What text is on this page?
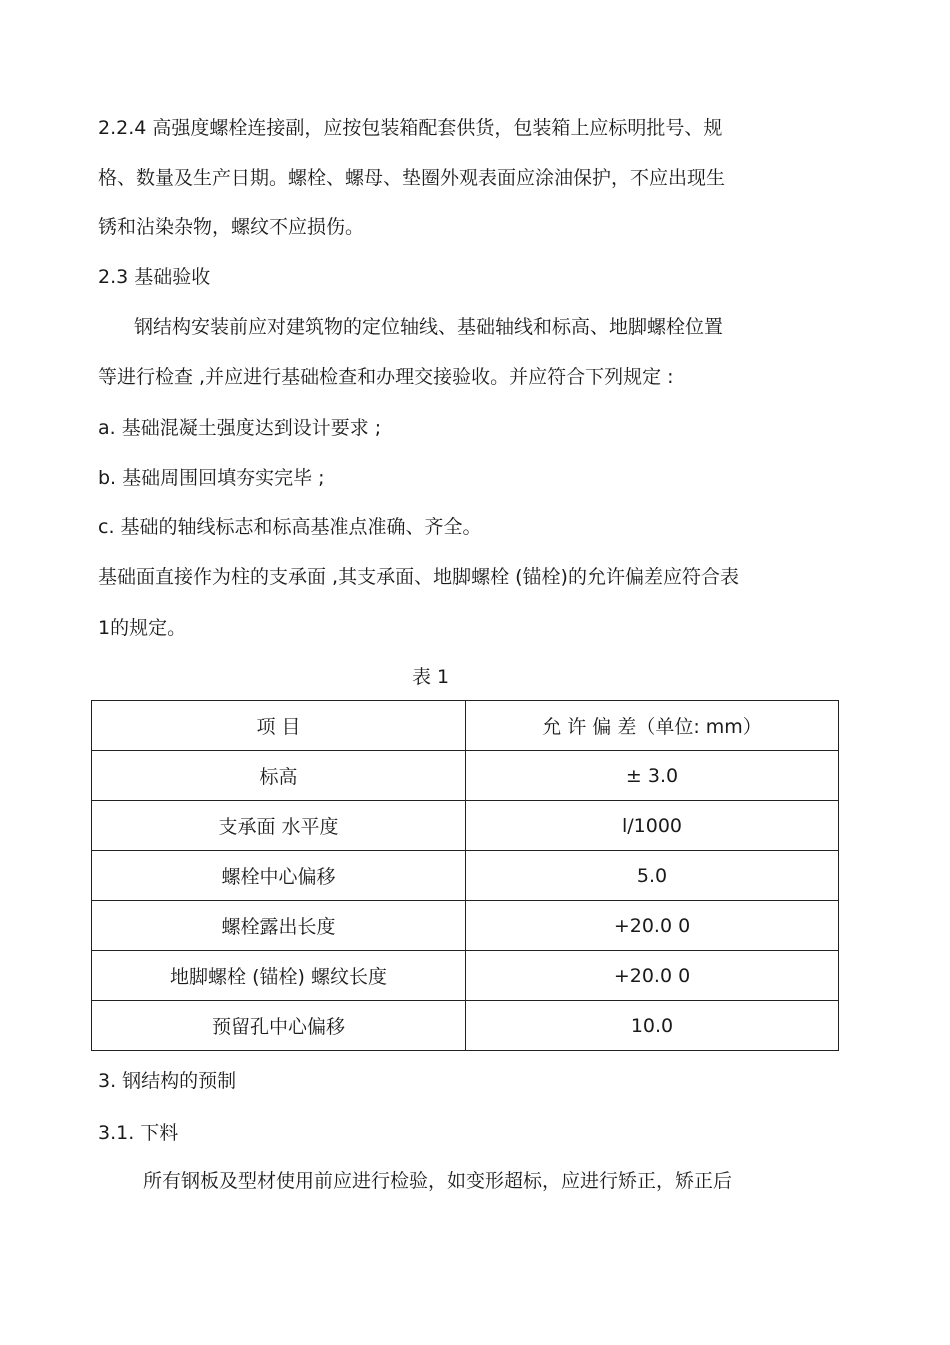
2.2.4 高强度螺栓连接副，应按包装箱配套供货，包装箱上应标明批号、规
格、数量及生产日期。螺栓、螺母、垫圈外观表面应涂油保护，不应出现生
锈和沾染杂物，螺纹不应损伤。
2.3 基础验收
钢结构安装前应对建筑物的定位轴线、基础轴线和标高、地脚螺栓位置
等进行检查 ,并应进行基础检查和办理交接验收。并应符合下列规定 :
a. 基础混凝土强度达到设计要求 ;
b. 基础周围回填夯实完毕 ;
c. 基础的轴线标志和标高基准点准确、齐全。
基础面直接作为柱的支承面 ,其支承面、地脚螺栓 (锚栓)的允许偏差应符合表
1的规定。
表 1
项 目	允 许 偏 差（单位: mm）
标高	± 3.0
支承面 水平度	l/1000
螺栓中心偏移	5.0
螺栓露出长度	+20.0 0
地脚螺栓 (锚栓) 螺纹长度	+20.0 0
预留孔中心偏移	10.0
3. 钢结构的预制
3.1. 下料
所有钢板及型材使用前应进行检验，如变形超标，应进行矫正，矫正后
